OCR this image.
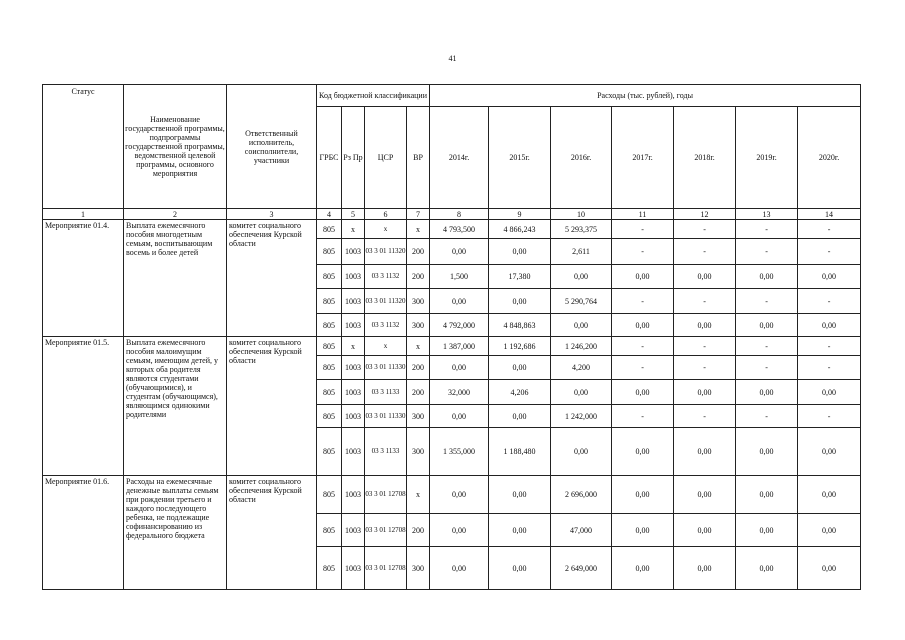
41
Статус	Наименование государственной программы, подпрограммы государственной программы, ведомственной целевой программы, основного мероприятия	Ответственный исполнитель, соисполнители, участники	Код бюджетной классификации				Расходы (тыс. рублей), годы						
			ГРБС	Рз Пр	ЦСР	ВР	2014г.	2015г.	2016г.	2017г.	2018г.	2019г.	2020г.
1	2	3	4	5	6	7	8	9	10	11	12	13	14
Мероприятие 01.4.	Выплата ежемесячного пособия многодетным семьям, воспитывающим восемь и более детей	комитет социального обеспечения Курской области	805	х	х	х	4 793,500	4 866,243	5 293,375	-	-	-	-
			805	1003	03 3 01 11320	200	0,00	0,00	2,611	-	-	-	-
			805	1003	03 3 1132	200	1,500	17,380	0,00	0,00	0,00	0,00	0,00
			805	1003	03 3 01 11320	300	0,00	0,00	5 290,764	-	-	-	-
			805	1003	03 3 1132	300	4 792,000	4 848,863	0,00	0,00	0,00	0,00	0,00
Мероприятие 01.5.	Выплата ежемесячного пособия малоимущим семьям, имеющим детей, у которых оба родителя являются студентами (обучающимися), и студентам (обучающимся), являющимся одинокими родителями	комитет социального обеспечения Курской области	805	х	х	х	1 387,000	1 192,686	1 246,200	-	-	-	-
			805	1003	03 3 01 11330	200	0,00	0,00	4,200	-	-	-	-
			805	1003	03 3 1133	200	32,000	4,206	0,00	0,00	0,00	0,00	0,00
			805	1003	03 3 01 11330	300	0,00	0,00	1 242,000	-	-	-	-
			805	1003	03 3 1133	300	1 355,000	1 188,480	0,00	0,00	0,00	0,00	0,00
Мероприятие 01.6.	Расходы на ежемесячные денежные выплаты семьям при рождении третьего и каждого последующего ребенка, не подлежащие софинансированию из федерального бюджета	комитет социального обеспечения Курской области	805	1003	03 3 01 12708	х	0,00	0,00	2 696,000	0,00	0,00	0,00	0,00
			805	1003	03 3 01 12708	200	0,00	0,00	47,000	0,00	0,00	0,00	0,00
			805	1003	03 3 01 12708	300	0,00	0,00	2 649,000	0,00	0,00	0,00	0,00
